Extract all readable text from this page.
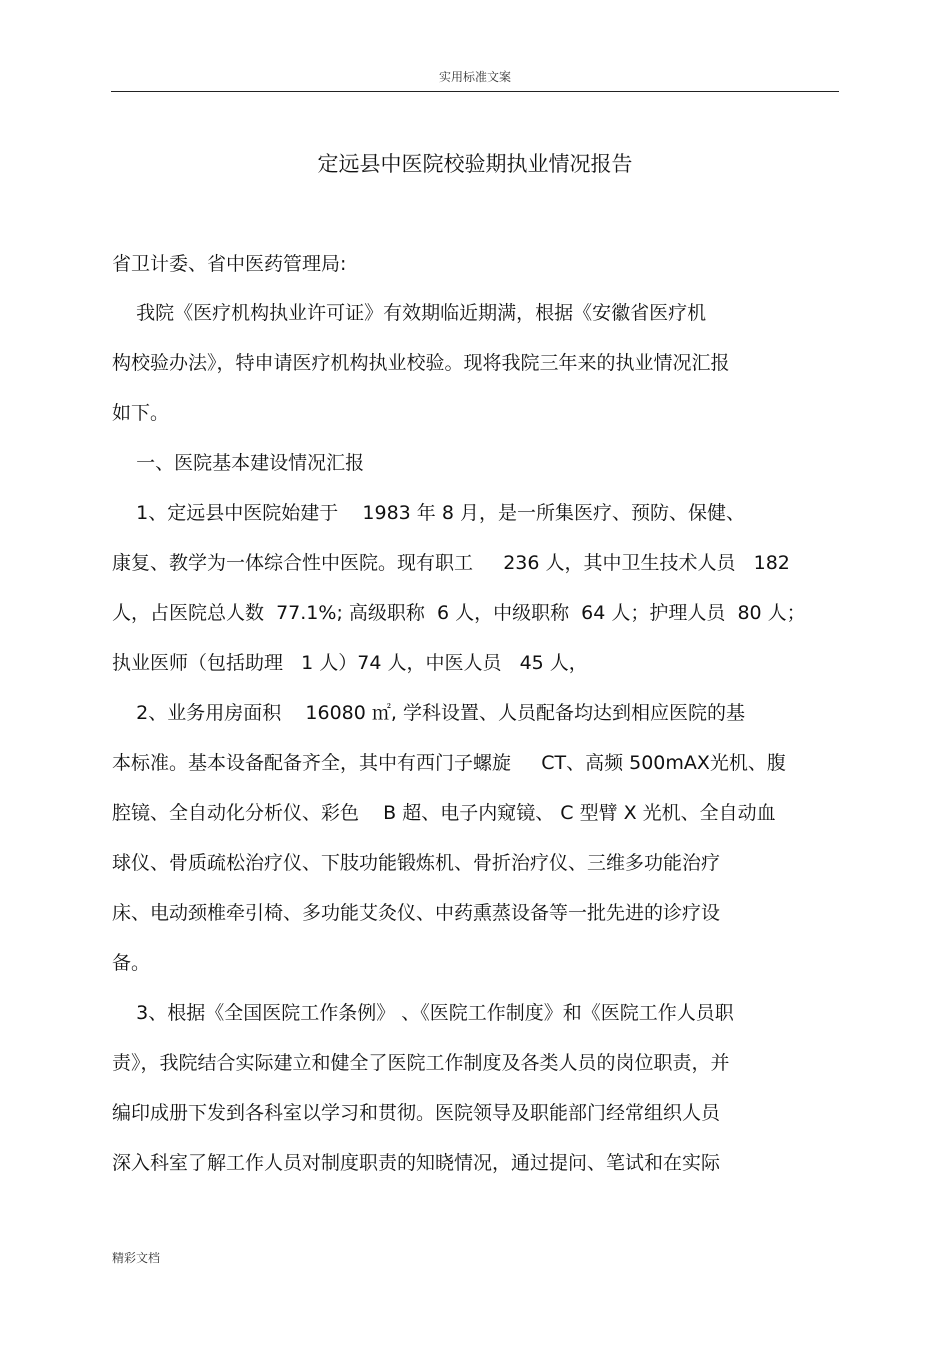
实用标准文案
定远县中医院校验期执业情况报告
省卫计委、省中医药管理局:
我院《医疗机构执业许可证》有效期临近期满，根据《安徽省医疗机
构校验办法》，特申请医疗机构执业校验。现将我院三年来的执业情况汇报
如下。
一、医院基本建设情况汇报
1、定远县中医院始建于    1983 年 8 月，是一所集医疗、预防、保健、
康复、教学为一体综合性中医院。现有职工     236 人，其中卫生技术人员   182
人，占医院总人数  77.1%; 高级职称  6 人，中级职称  64 人；护理人员  80 人；
执业医师（包括助理   1 人）74 人，中医人员   45 人，
2、业务用房面积    16080 ㎡, 学科设置、人员配备均达到相应医院的基
本标准。基本设备配备齐全，其中有西门子螺旋     CT、高频 500mAX光机、腹
腔镜、全自动化分析仪、彩色    B 超、电子内窥镜、 C 型臂 X 光机、全自动血
球仪、骨质疏松治疗仪、下肢功能锻炼机、骨折治疗仪、三维多功能治疗
床、电动颈椎牵引椅、多功能艾灸仪、中药熏蒸设备等一批先进的诊疗设
备。
3、根据《全国医院工作条例》 、《医院工作制度》和《医院工作人员职
责》，我院结合实际建立和健全了医院工作制度及各类人员的岗位职责，并
编印成册下发到各科室以学习和贯彻。医院领导及职能部门经常组织人员
深入科室了解工作人员对制度职责的知晓情况，通过提问、笔试和在实际
精彩文档
